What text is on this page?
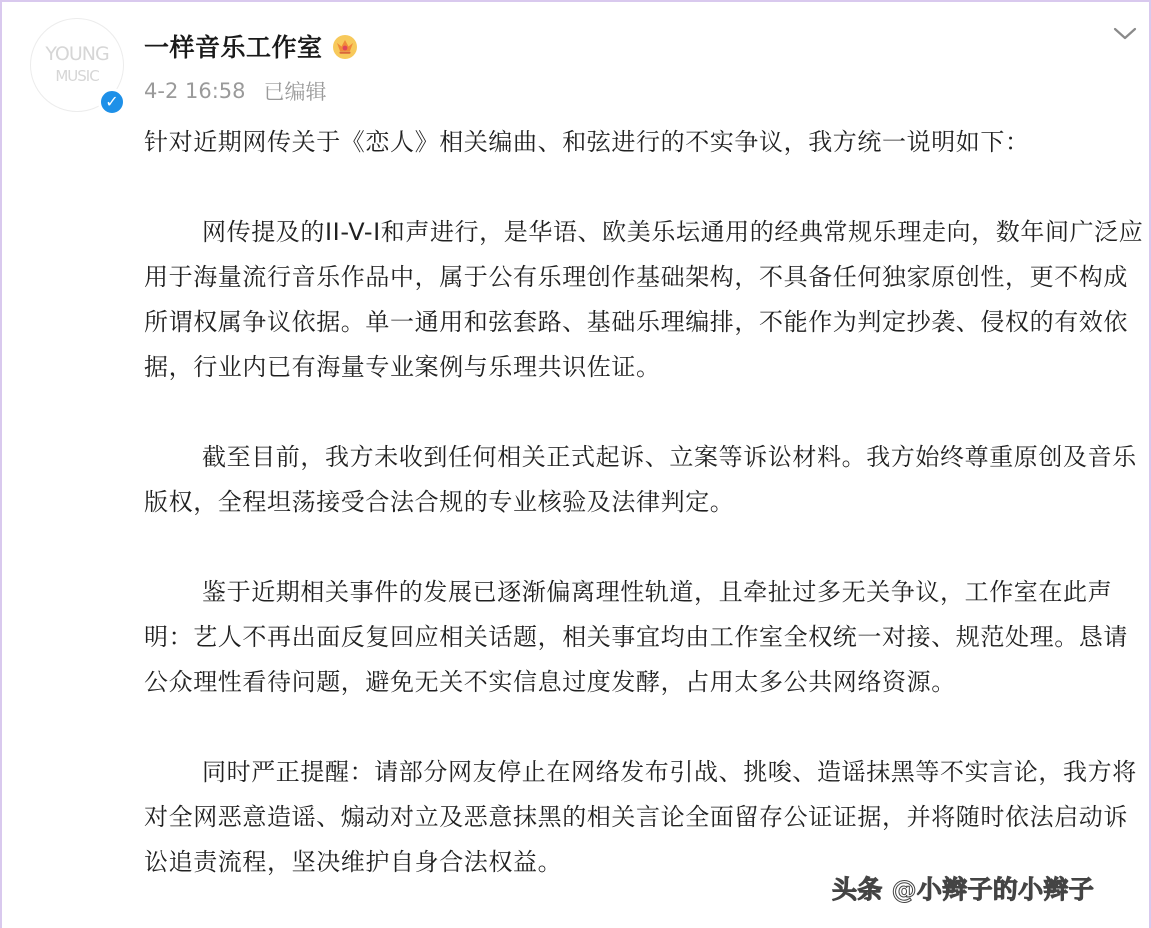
YOUNG
MUSIC
✓
一样音乐工作室
4-2 16:58 已编辑

针对近期网传关于《恋人》相关编曲、和弦进行的不实争议，我方统一说明如下：

网传提及的II-V-I和声进行，是华语、欧美乐坛通用的经典常规乐理走向，数年间广泛应用于海量流行音乐作品中，属于公有乐理创作基础架构，不具备任何独家原创性，更不构成所谓权属争议依据。单一通用和弦套路、基础乐理编排，不能作为判定抄袭、侵权的有效依据，行业内已有海量专业案例与乐理共识佐证。

截至目前，我方未收到任何相关正式起诉、立案等诉讼材料。我方始终尊重原创及音乐版权，全程坦荡接受合法合规的专业核验及法律判定。

鉴于近期相关事件的发展已逐渐偏离理性轨道，且牵扯过多无关争议，工作室在此声明：艺人不再出面反复回应相关话题，相关事宜均由工作室全权统一对接、规范处理。恳请公众理性看待问题，避免无关不实信息过度发酵，占用太多公共网络资源。

同时严正提醒：请部分网友停止在网络发布引战、挑唆、造谣抹黑等不实言论，我方将对全网恶意造谣、煽动对立及恶意抹黑的相关言论全面留存公证证据，并将随时依法启动诉讼追责流程，坚决维护自身合法权益。

头条 @小辫子的小辫子
